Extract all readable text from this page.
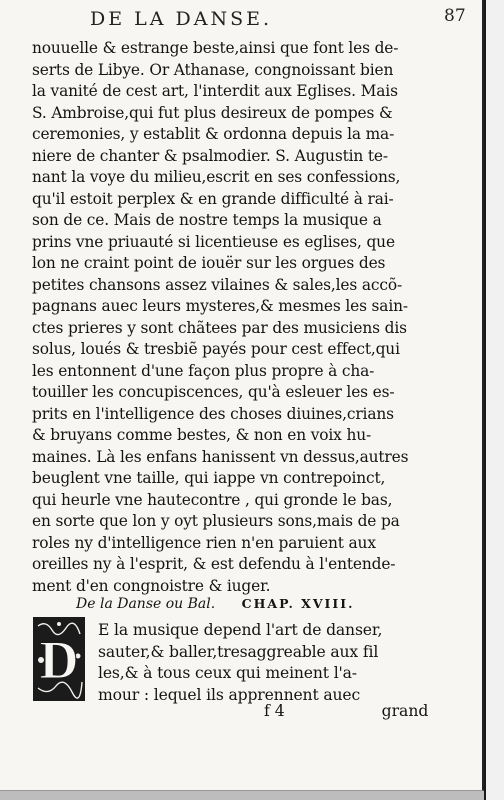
DE LA DANSE.	87
nouuelle & estrange beste,ainsi que font les de-
serts de Libye. Or Athanase, congnoissant bien
la vanité de cest art, l'interdit aux Eglises. Mais
S. Ambroise,qui fut plus desireux de pompes &
ceremonies, y establit & ordonna depuis la ma-
niere de chanter & psalmodier. S. Augustin te-
nant la voye du milieu,escrit en ses confessions,
qu'il estoit perplex & en grande difficulté à rai-
son de ce. Mais de nostre temps la musique a
prins vne priuauté si licentieuse es eglises, que
lon ne craint point de iouër sur les orgues des
petites chansons assez vilaines & sales,les accõ-
pagnans auec leurs mysteres,& mesmes les sain-
ctes prieres y sont chãtees par des musiciens dis
solus, loués & tresbiẽ payés pour cest effect,qui
les entonnent d'une façon plus propre à cha-
touiller les concupiscences, qu'à esleuer les es-
prits en l'intelligence des choses diuines,crians
& bruyans comme bestes, & non en voix hu-
maines. Là les enfans hanissent vn dessus,autres
beuglent vne taille, qui iappe vn contrepoinct,
qui heurle vne hautecontre , qui gronde le bas,
en sorte que lon y oyt plusieurs sons,mais de pa
roles ny d'intelligence rien n'en paruient aux
oreilles ny à l'esprit, & est defendu à l'entende-
ment d'en congnoistre & iuger.
De la Danse ou Bal. CHAP. XVIII.
D E la musique depend l'art de danser,
sauter,& baller,tresaggreable aux fil
les,& à tous ceux qui meinent l'a-
mour : lequel ils apprennent auec
f 4	grand
